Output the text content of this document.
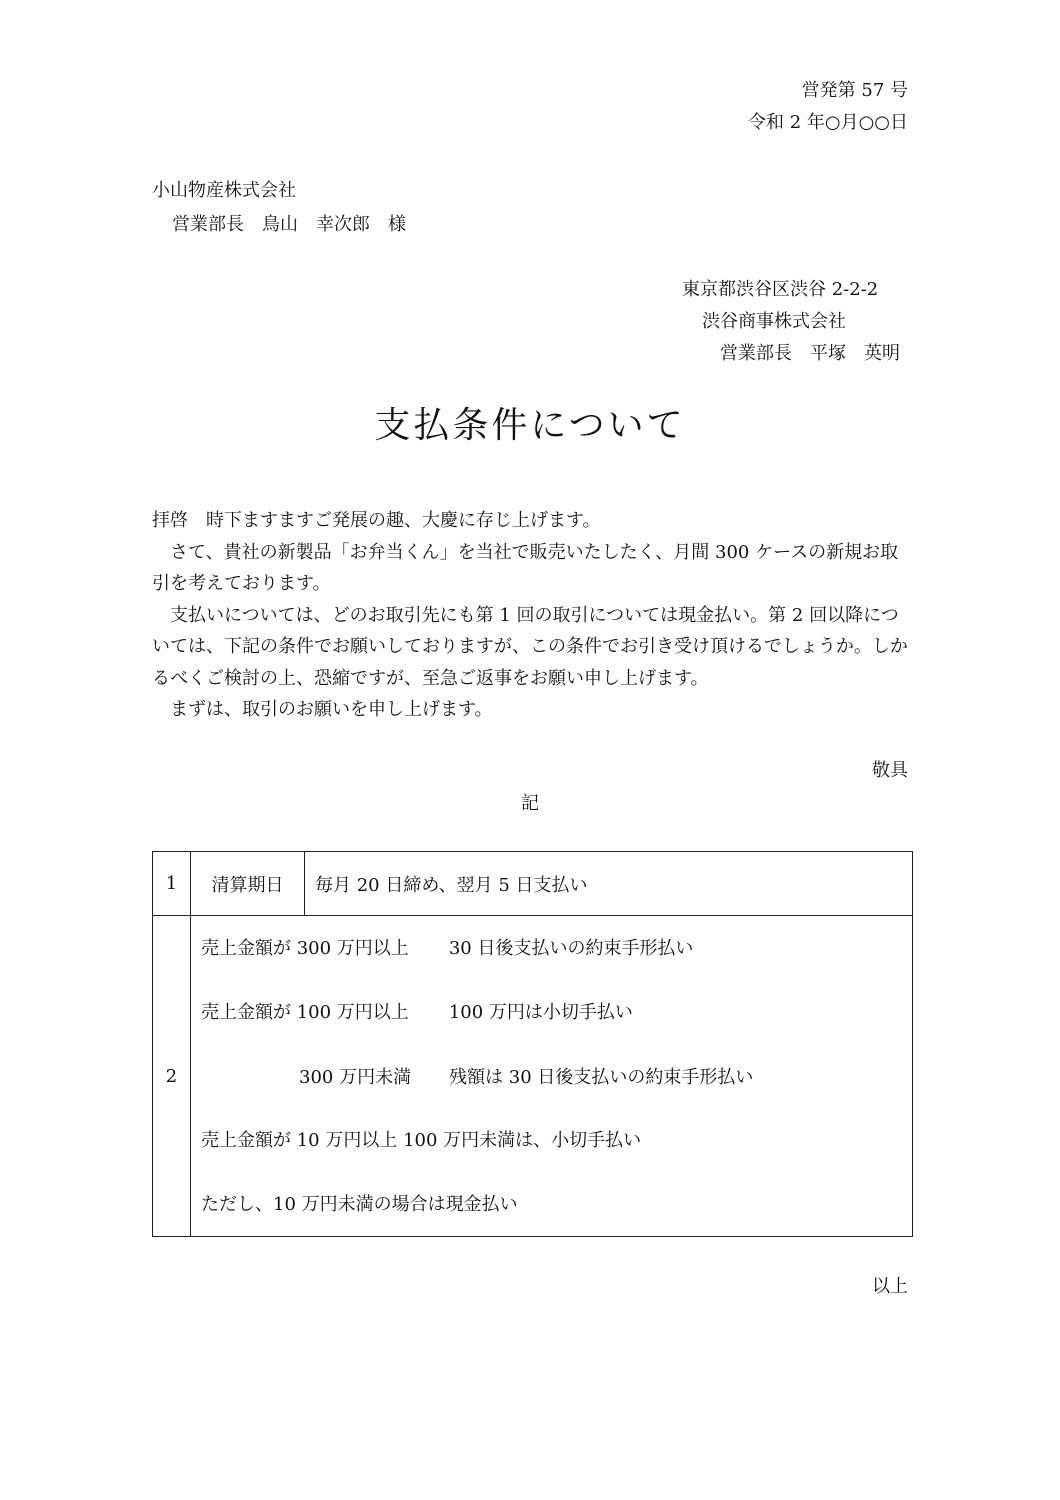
営発第 57 号
令和 2 年○月○○日
小山物産株式会社
営業部長　鳥山　幸次郎　様
東京都渋谷区渋谷 2-2-2
渋谷商事株式会社
営業部長　平塚　英明
支払条件について

拝啓　時下ますますご発展の趣、大慶に存じ上げます。

　さて、貴社の新製品「お弁当くん」を当社で販売いたしたく、月間 300 ケースの新規お取引を考えております。

　支払いについては、どのお取引先にも第 1 回の取引については現金払い。第 2 回以降については、下記の条件でお願いしておりますが、この条件でお引き受け頂けるでしょうか。しかるべくご検討の上、恐縮ですが、至急ご返事をお願い申し上げます。

　まずは、取引のお願いを申し上げます。

敬具
記
1	清算期日	毎月 20 日締め、翌月 5 日支払い
2	売上金額が 300 万円以上 30 日後支払いの約束手形払い
売上金額が 100 万円以上 100 万円は小切手払い
300 万円未満 残額は 30 日後支払いの約束手形払い
売上金額が 10 万円以上 100 万円未満は、小切手払い
ただし、10 万円未満の場合は現金払い	
以上
